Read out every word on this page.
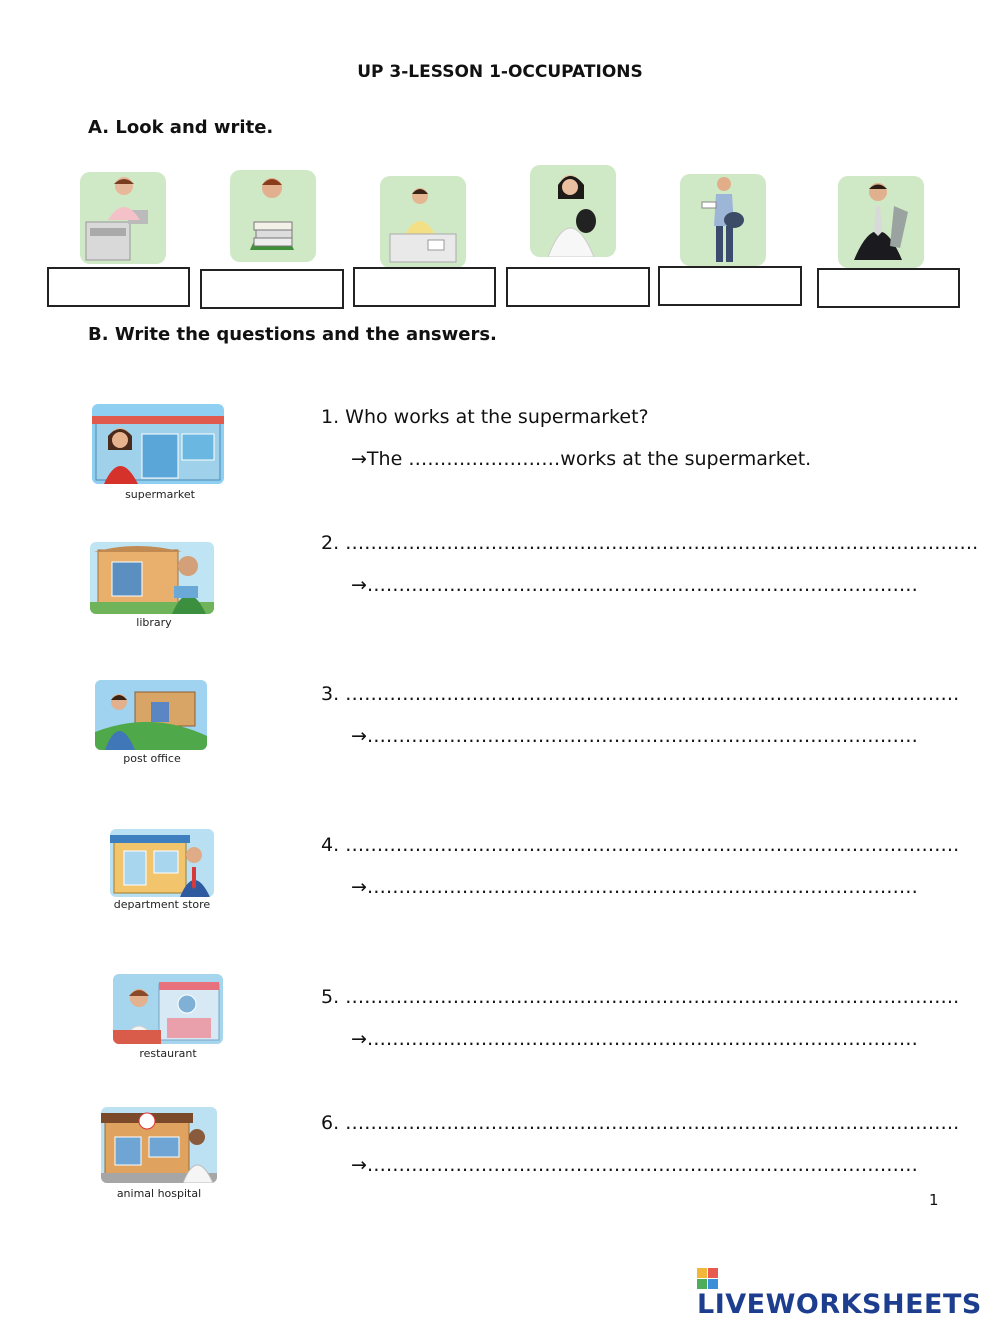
UP 3-LESSON 1-OCCUPATIONS
A. Look and write.
B. Write the questions and the answers.
supermarket
library
post office
department store
restaurant
animal hospital
1. Who works at the supermarket?
→The ……………………works at the supermarket.
2. ……………………………………………………………………………………….
→……………………………………………………………………………
3. …………………………………………………………………………………….
→……………………………………………………………………………
4. …………………………………………………………………………………….
→……………………………………………………………………………
5. …………………………………………………………………………………….
→……………………………………………………………………………
6. …………………………………………………………………………………….
→……………………………………………………………………………
1
LIVEWORKSHEETS
